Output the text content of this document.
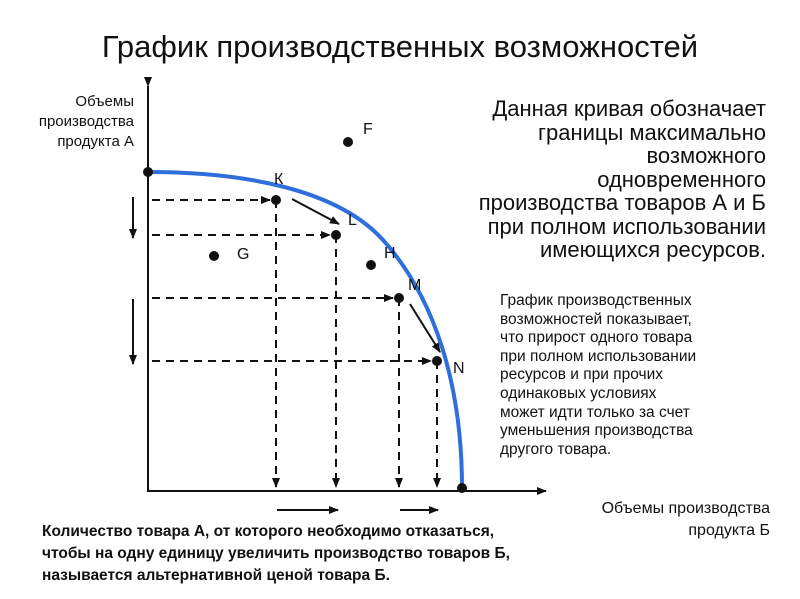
График производственных возможностей
К
L
H
M
N
F
G
Объемы
производства
продукта А
Объемы производства
продукта Б
Данная кривая обозначает
границы максимально
возможного
одновременного
производства товаров А и Б
при полном использовании
имеющихся ресурсов.
График производственных
возможностей показывает,
что прирост одного товара
при полном использовании
ресурсов и при прочих
одинаковых условиях
может идти только за счет
уменьшения производства
другого товара.
Количество товара А, от которого необходимо отказаться,
чтобы на одну единицу увеличить производство товаров Б,
называется альтернативной ценой товара Б.
